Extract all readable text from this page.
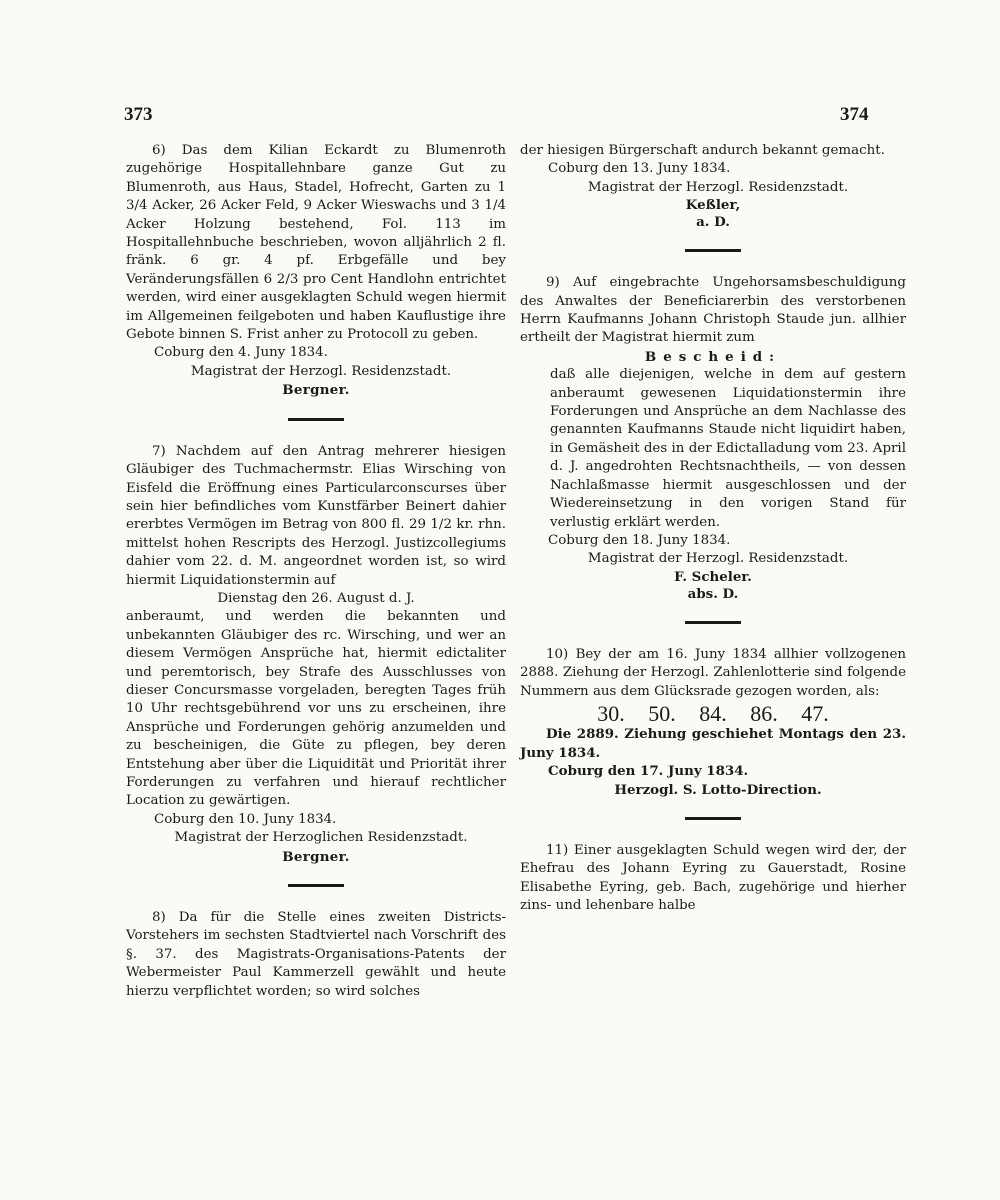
373	374

6) Das dem Kilian Eckardt zu Blumenroth zugehörige Hospitallehnbare ganze Gut zu Blumenroth, aus Haus, Stadel, Hofrecht, Garten zu 1 3/4 Acker, 26 Acker Feld, 9 Acker Wieswachs und 3 1/4 Acker Holzung bestehend, Fol. 113 im Hospitallehnbuche beschrieben, wovon alljährlich 2 fl. fränk. 6 gr. 4 pf. Erbgefälle und bey Veränderungsfällen 6 2/3 pro Cent Handlohn entrichtet werden, wird einer ausgeklagten Schuld wegen hiermit im Allgemeinen feilgeboten und haben Kauflustige ihre Gebote binnen S. Frist anher zu Protocoll zu geben.

Coburg den 4. Juny 1834.

Magistrat der Herzogl. Residenzstadt.

Bergner.

7) Nachdem auf den Antrag mehrerer hiesigen Gläubiger des Tuchmachermstr. Elias Wirsching von Eisfeld die Eröffnung eines Particularconscurses über sein hier befindliches vom Kunstfärber Beinert dahier ererbtes Vermögen im Betrag von 800 fl. 29 1/2 kr. rhn. mittelst hohen Rescripts des Herzogl. Justizcollegiums dahier vom 22. d. M. angeordnet worden ist, so wird hiermit Liquidationstermin auf

Dienstag den 26. August d. J.

anberaumt, und werden die bekannten und unbekannten Gläubiger des rc. Wirsching, und wer an diesem Vermögen Ansprüche hat, hiermit edictaliter und peremtorisch, bey Strafe des Ausschlusses von dieser Concursmasse vorgeladen, beregten Tages früh 10 Uhr rechtsgebührend vor uns zu erscheinen, ihre Ansprüche und Forderungen gehörig anzumelden und zu bescheinigen, die Güte zu pflegen, bey deren Entstehung aber über die Liquidität und Priorität ihrer Forderungen zu verfahren und hierauf rechtlicher Location zu gewärtigen.

Coburg den 10. Juny 1834.

Magistrat der Herzoglichen Residenzstadt.

Bergner.

8) Da für die Stelle eines zweiten Districts-Vorstehers im sechsten Stadtviertel nach Vorschrift des §. 37. des Magistrats-Organisations-Patents der Webermeister Paul Kammerzell gewählt und heute hierzu verpflichtet worden; so wird solches

der hiesigen Bürgerschaft andurch bekannt gemacht.

Coburg den 13. Juny 1834.

Magistrat der Herzogl. Residenzstadt.

Keßler,

a. D.

9) Auf eingebrachte Ungehorsamsbeschuldigung des Anwaltes der Beneficiarerbin des verstorbenen Herrn Kaufmanns Johann Christoph Staude jun. allhier ertheilt der Magistrat hiermit zum

Bescheid:

daß alle diejenigen, welche in dem auf gestern anberaumt gewesenen Liquidationstermin ihre Forderungen und Ansprüche an dem Nachlasse des genannten Kaufmanns Staude nicht liquidirt haben, in Gemäsheit des in der Edictalladung vom 23. April d. J. angedrohten Rechtsnachtheils, — von dessen Nachlaßmasse hiermit ausgeschlossen und der Wiedereinsetzung in den vorigen Stand für verlustig erklärt werden.

Coburg den 18. Juny 1834.

Magistrat der Herzogl. Residenzstadt.

F. Scheler.

abs. D.

10) Bey der am 16. Juny 1834 allhier vollzogenen 2888. Ziehung der Herzogl. Zahlenlotterie sind folgende Nummern aus dem Glücksrade gezogen worden, als:

30. 50. 84. 86. 47.

Die 2889. Ziehung geschiehet Montags den 23. Juny 1834.

Coburg den 17. Juny 1834.

Herzogl. S. Lotto-Direction.

11) Einer ausgeklagten Schuld wegen wird der, der Ehefrau des Johann Eyring zu Gauerstadt, Rosine Elisabethe Eyring, geb. Bach, zugehörige und hierher zins- und lehenbare halbe
